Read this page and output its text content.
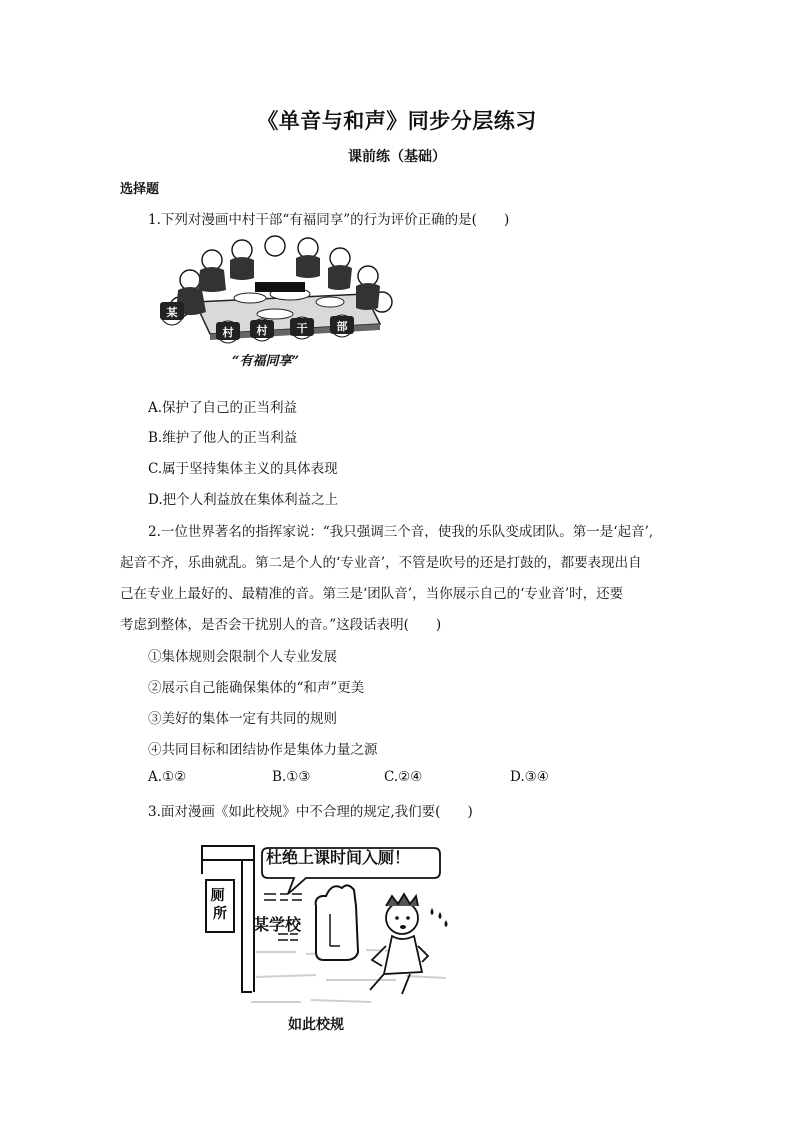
《单音与和声》同步分层练习
课前练（基础）
选择题
1.下列对漫画中村干部“有福同享”的行为评价正确的是(　　)
某
村 村	干	部
“有福同享”
A.保护了自己的正当利益
B.维护了他人的正当利益
C.属于坚持集体主义的具体表现
D.把个人利益放在集体利益之上
2.一位世界著名的指挥家说：“我只强调三个音，使我的乐队变成团队。第一是‘起音’,
起音不齐，乐曲就乱。第二是个人的‘专业音’，不管是吹号的还是打鼓的，都要表现出自
己在专业上最好的、最精准的音。第三是‘团队音’，当你展示自己的‘专业音’时，还要
考虑到整体，是否会干扰别人的音。”这段话表明(　　)
①集体规则会限制个人专业发展
②展示自己能确保集体的“和声”更美
③美好的集体一定有共同的规则
④共同目标和团结协作是集体力量之源
A.①②	B.①③	C.②④	D.③④
3.面对漫画《如此校规》中不合理的规定,我们要(　　)
厕 所
杜绝上课时间入厕！
某学校
如此校规
